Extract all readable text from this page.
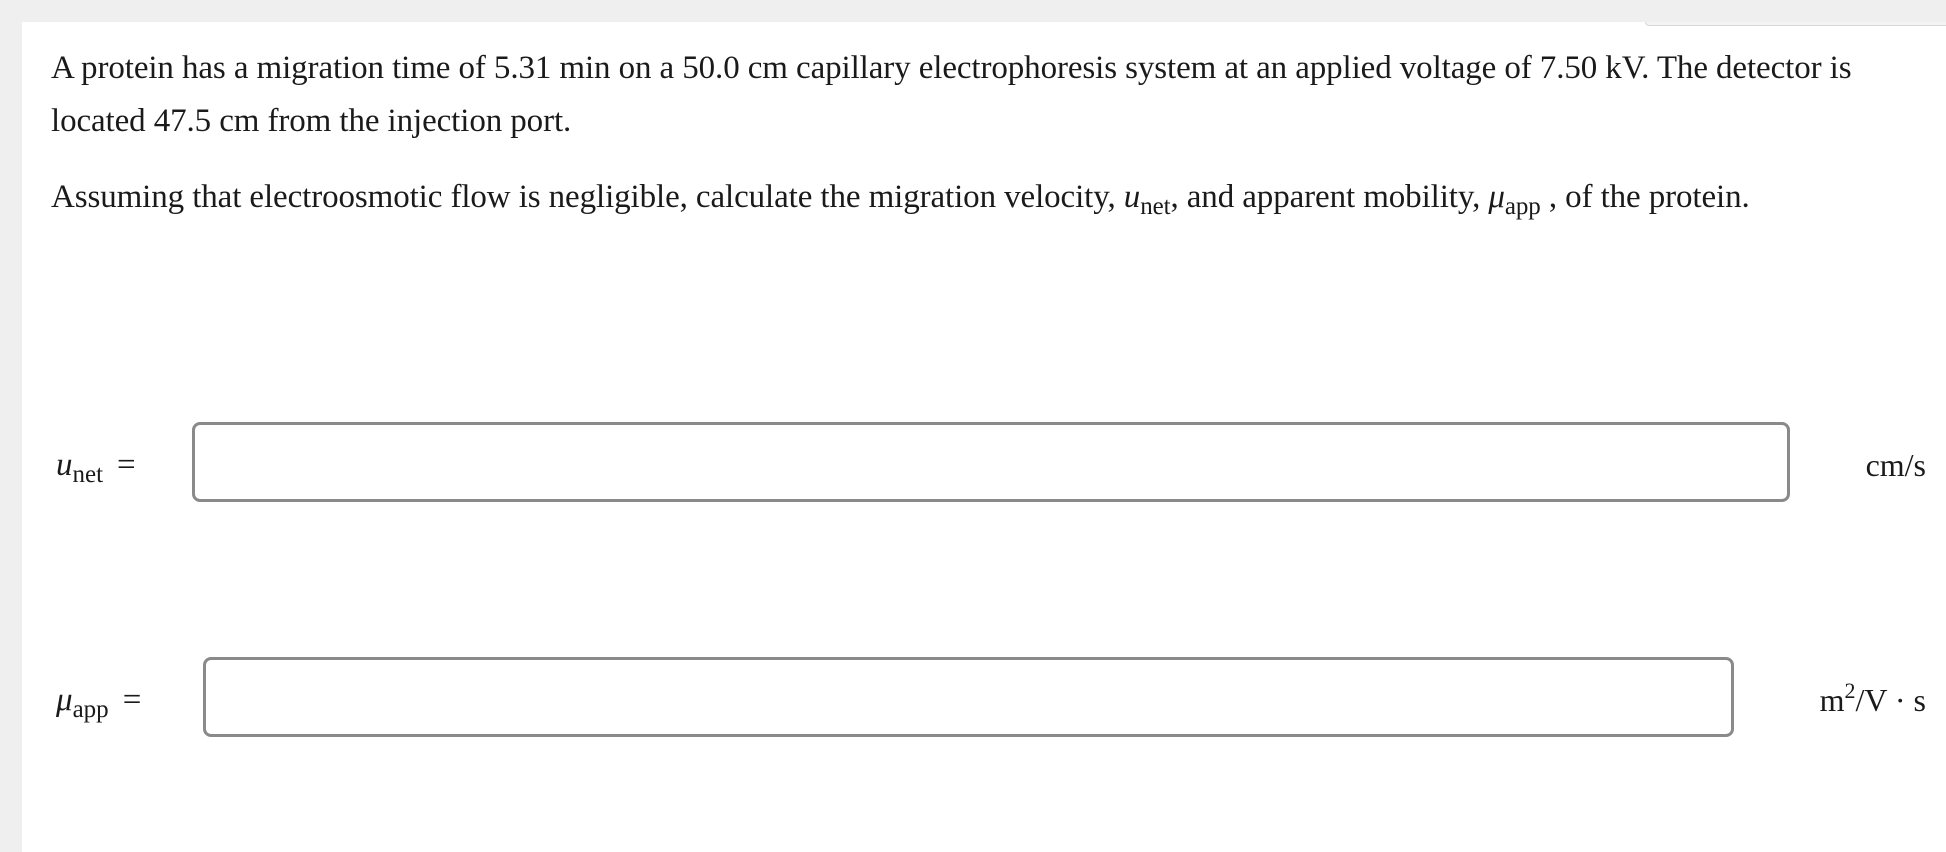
A protein has a migration time of 5.31 min on a 50.0 cm capillary electrophoresis system at an applied voltage of 7.50 kV. The detector is located 47.5 cm from the injection port.

Assuming that electroosmotic flow is negligible, calculate the migration velocity, $u_{net}$, and apparent mobility, $\mu_{app}$ , of the protein.

$u_{net}$ =	cm/s
$\mu_{app}$ =	$m^2/V \cdot s$
